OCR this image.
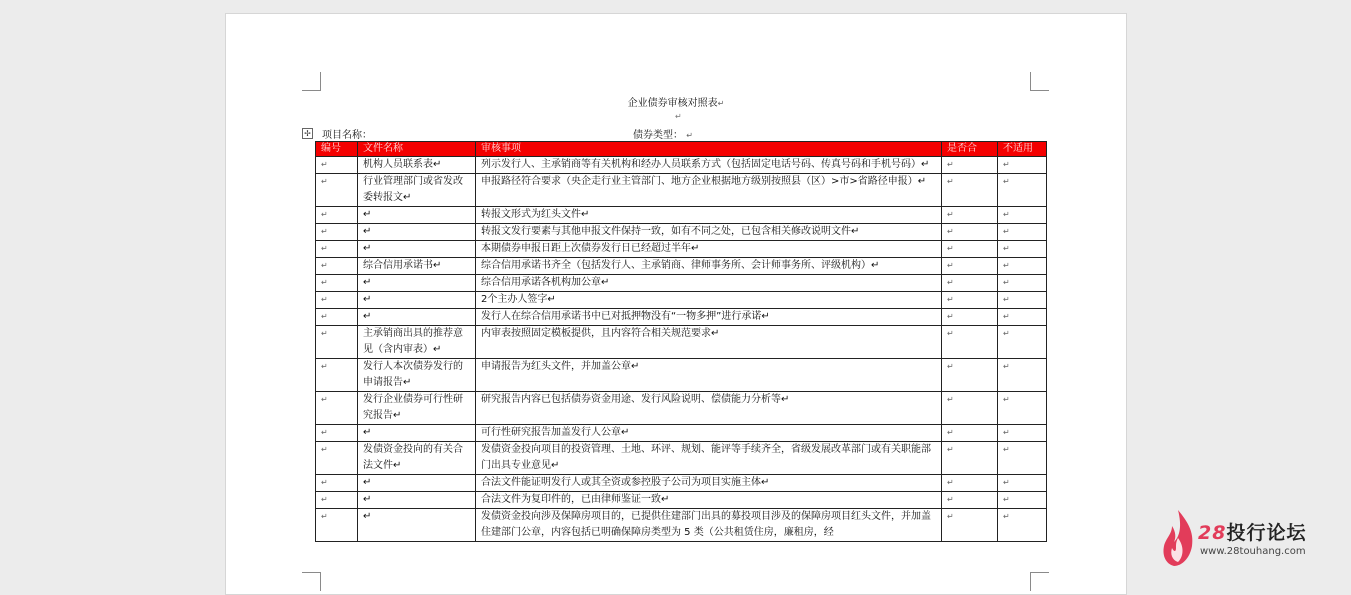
企业债券审核对照表↵
↵
✢ 项目名称：	债券类型： ↵
编号	文件名称	审核事项	是否合	不适用
↵	机构人员联系表↵	列示发行人、主承销商等有关机构和经办人员联系方式（包括固定电话号码、传真号码和手机号码）↵	↵	↵
↵	行业管理部门或省发改委转报文↵	申报路径符合要求（央企走行业主管部门、地方企业根据地方级别按照县（区）>市>省路径申报）↵	↵	↵
↵	↵	转报文形式为红头文件↵	↵	↵
↵	↵	转报文发行要素与其他申报文件保持一致，如有不同之处，已包含相关修改说明文件↵	↵	↵
↵	↵	本期债券申报日距上次债券发行日已经超过半年↵	↵	↵
↵	综合信用承诺书↵	综合信用承诺书齐全（包括发行人、主承销商、律师事务所、会计师事务所、评级机构）↵	↵	↵
↵	↵	综合信用承诺各机构加公章↵	↵	↵
↵	↵	2个主办人签字↵	↵	↵
↵	↵	发行人在综合信用承诺书中已对抵押物没有“一物多押”进行承诺↵	↵	↵
↵	主承销商出具的推荐意见（含内审表）↵	内审表按照固定模板提供，且内容符合相关规范要求↵	↵	↵
↵	发行人本次债券发行的申请报告↵	申请报告为红头文件，并加盖公章↵	↵	↵
↵	发行企业债券可行性研究报告↵	研究报告内容已包括债券资金用途、发行风险说明、偿债能力分析等↵	↵	↵
↵	↵	可行性研究报告加盖发行人公章↵	↵	↵
↵	发债资金投向的有关合法文件↵	发债资金投向项目的投资管理、土地、环评、规划、能评等手续齐全，省级发展改革部门或有关职能部门出具专业意见↵	↵	↵
↵	↵	合法文件能证明发行人或其全资或参控股子公司为项目实施主体↵	↵	↵
↵	↵	合法文件为复印件的，已由律师鉴证一致↵	↵	↵
↵	↵	发债资金投向涉及保障房项目的，已提供住建部门出具的募投项目涉及的保障房项目红头文件，并加盖住建部门公章，内容包括已明确保障房类型为 5 类（公共租赁住房，廉租房，经	↵	↵
28投行论坛
www.28touhang.com
